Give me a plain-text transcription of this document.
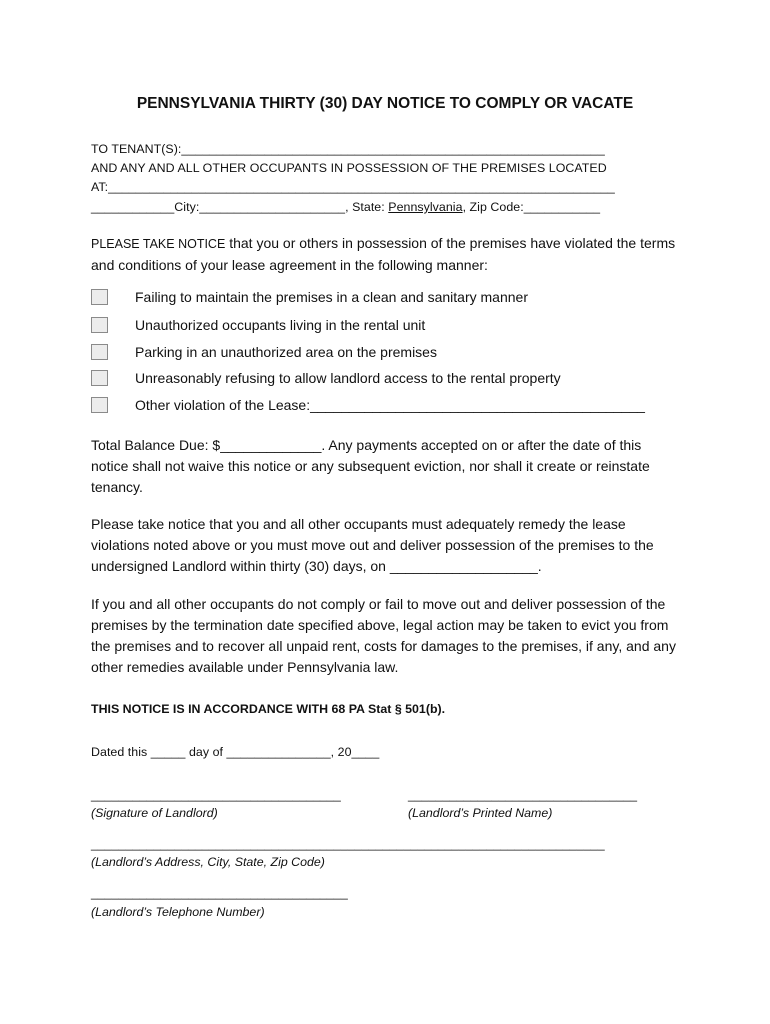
PENNSYLVANIA THIRTY (30) DAY NOTICE TO COMPLY OR VACATE
TO TENANT(S):_____________________________________________________________
AND ANY AND ALL OTHER OCCUPANTS IN POSSESSION OF THE PREMISES LOCATED
AT:_________________________________________________________________________
____________City:_____________________, State: Pennsylvania, Zip Code:___________
PLEASE TAKE NOTICE that you or others in possession of the premises have violated the terms and conditions of your lease agreement in the following manner:
Failing to maintain the premises in a clean and sanitary manner
Unauthorized occupants living in the rental unit
Parking in an unauthorized area on the premises
Unreasonably refusing to allow landlord access to the rental property
Other violation of the Lease:___________________________________________
Total Balance Due: $_____________. Any payments accepted on or after the date of this notice shall not waive this notice or any subsequent eviction, nor shall it create or reinstate tenancy.
Please take notice that you and all other occupants must adequately remedy the lease violations noted above or you must move out and deliver possession of the premises to the undersigned Landlord within thirty (30) days, on ___________________.
If you and all other occupants do not comply or fail to move out and deliver possession of the premises by the termination date specified above, legal action may be taken to evict you from the premises and to recover all unpaid rent, costs for damages to the premises, if any, and any other remedies available under Pennsylvania law.
THIS NOTICE IS IN ACCORDANCE WITH 68 PA Stat § 501(b).
Dated this _____ day of _______________, 20____
____________________________________
(Signature of Landlord)
_________________________________
(Landlord’s Printed Name)
__________________________________________________________________________
(Landlord’s Address, City, State, Zip Code)
_____________________________________
(Landlord’s Telephone Number)
